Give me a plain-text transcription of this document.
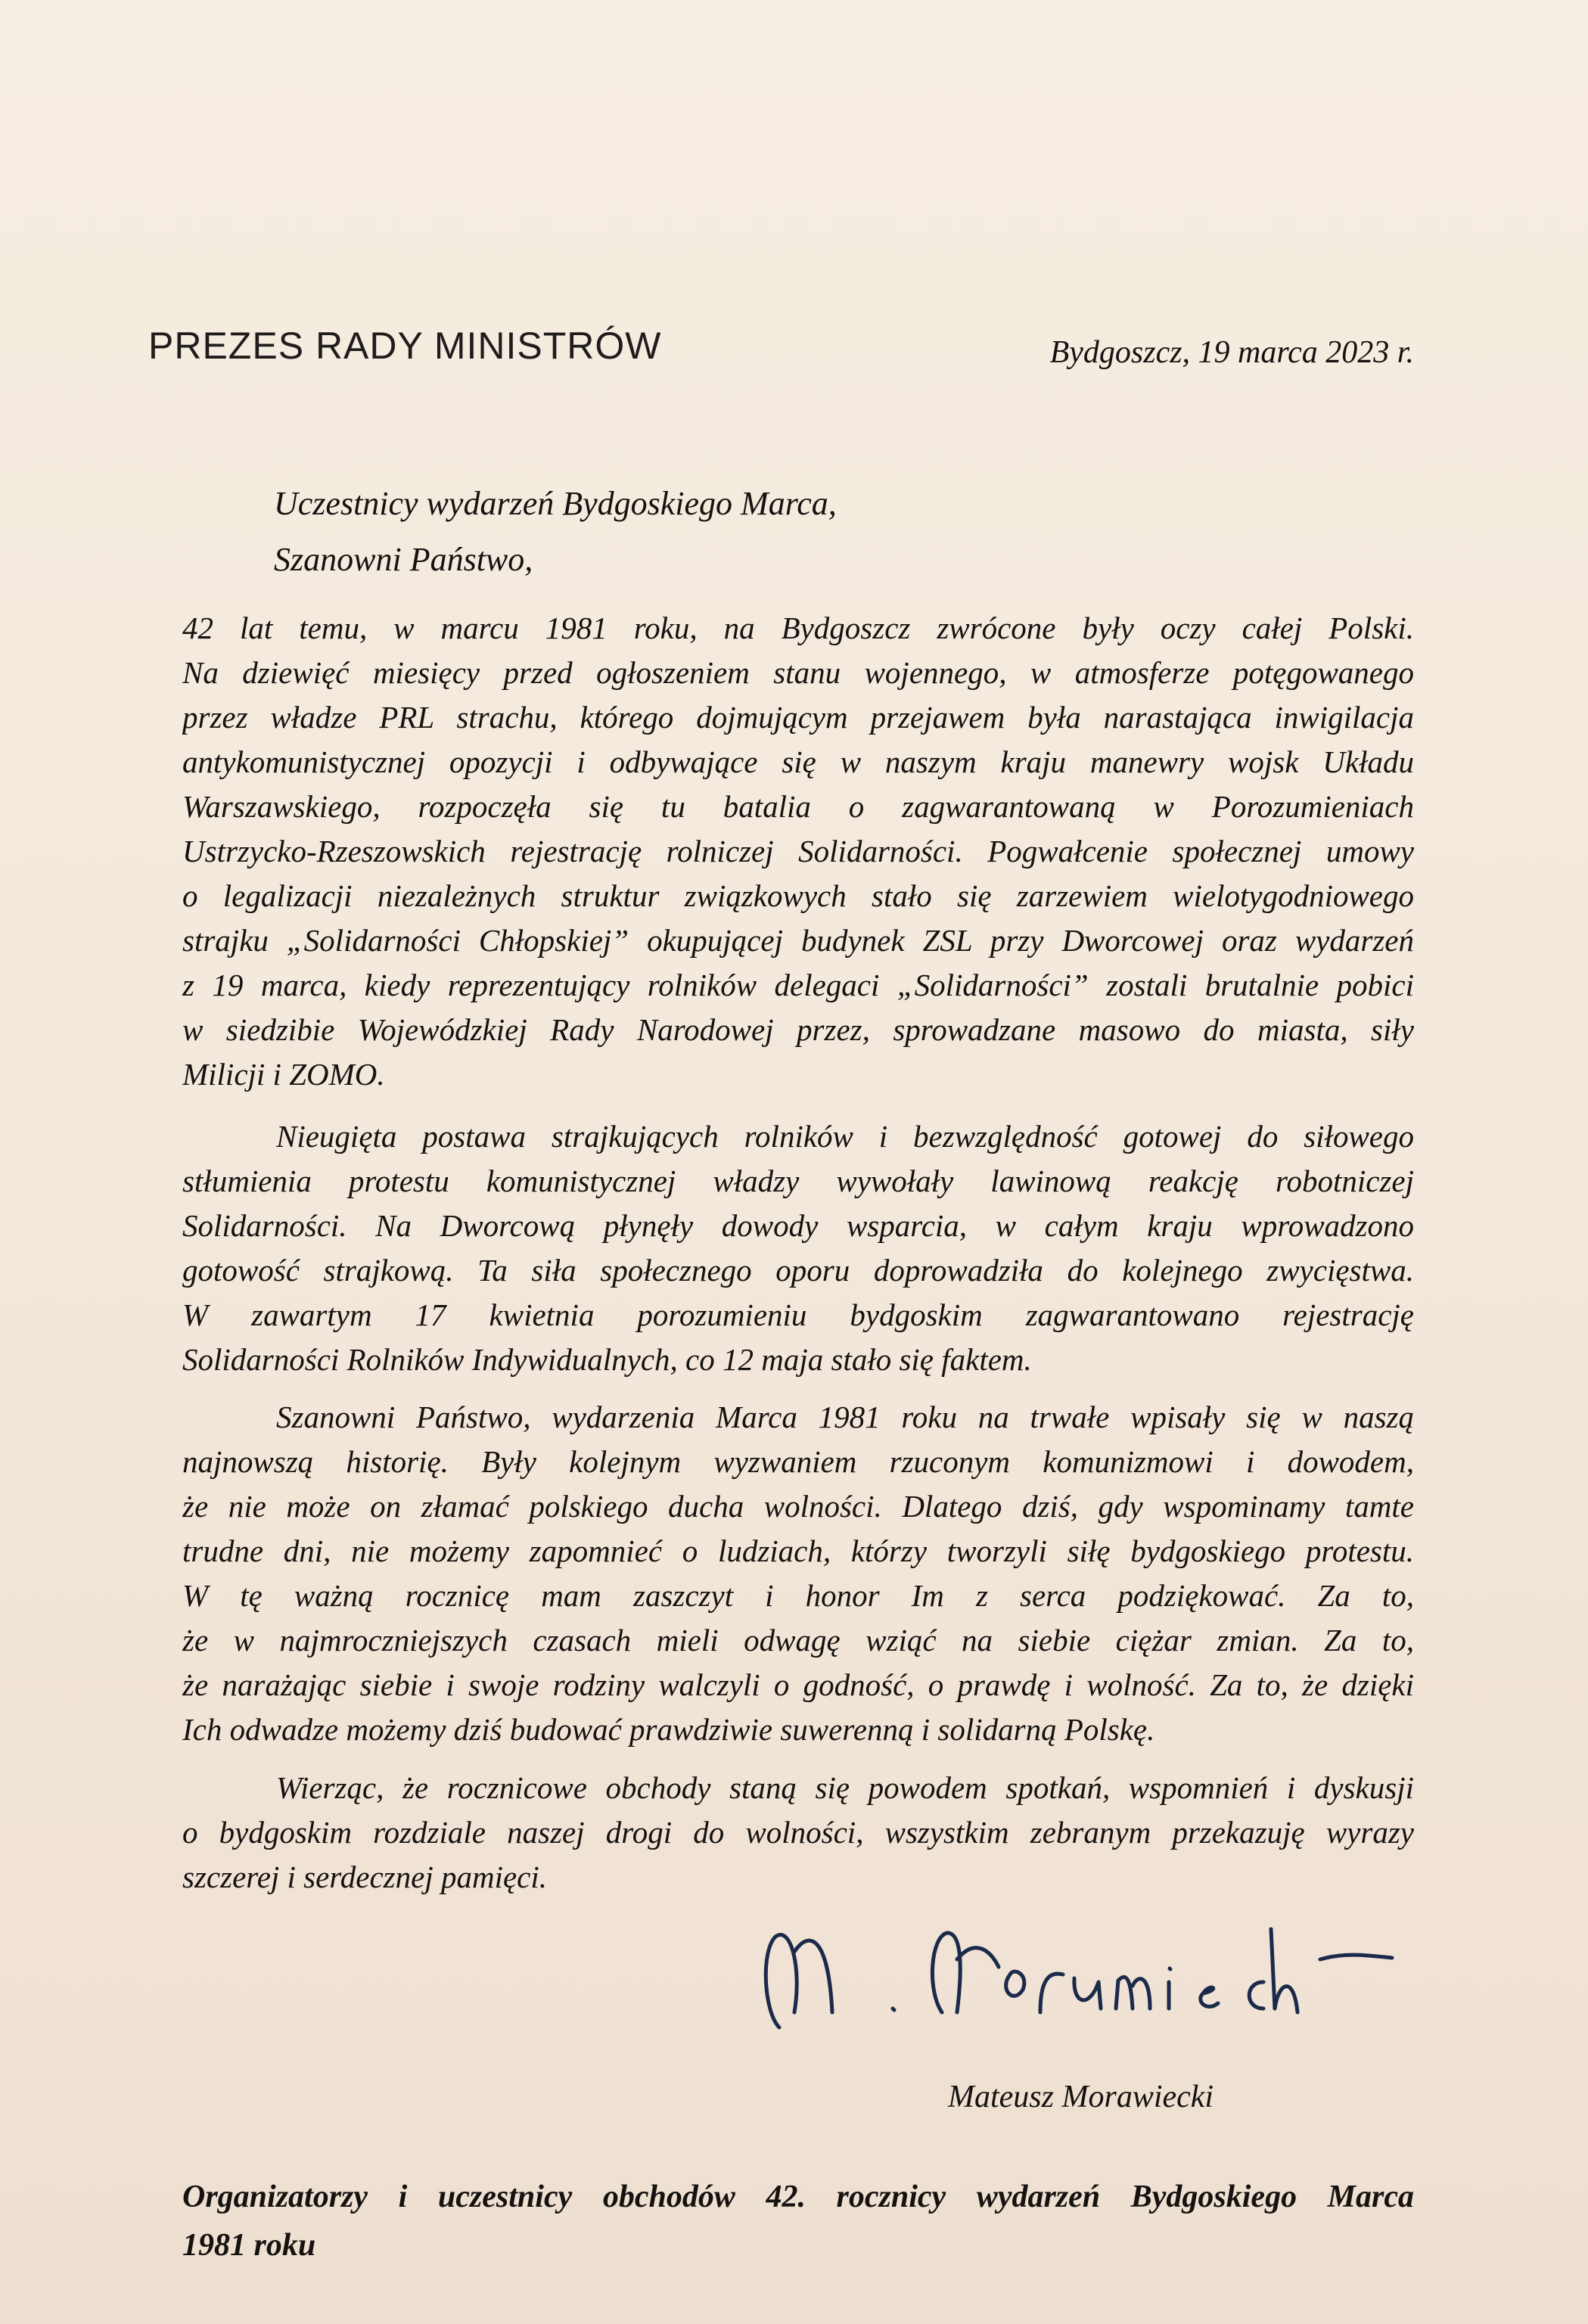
PREZES RADY MINISTRÓW	Bydgoszcz, 19 marca 2023 r.
Uczestnicy wydarzeń Bydgoskiego Marca,
Szanowni Państwo,
42 lat temu, w marcu 1981 roku, na Bydgoszcz zwrócone były oczy całej Polski.
Na dziewięć miesięcy przed ogłoszeniem stanu wojennego, w atmosferze potęgowanego
przez władze PRL strachu, którego dojmującym przejawem była narastająca inwigilacja
antykomunistycznej opozycji i odbywające się w naszym kraju manewry wojsk Układu
Warszawskiego, rozpoczęła się tu batalia o zagwarantowaną w Porozumieniach
Ustrzycko-Rzeszowskich rejestrację rolniczej Solidarności. Pogwałcenie społecznej umowy
o legalizacji niezależnych struktur związkowych stało się zarzewiem wielotygodniowego
strajku „Solidarności Chłopskiej” okupującej budynek ZSL przy Dworcowej oraz wydarzeń
z 19 marca, kiedy reprezentujący rolników delegaci „Solidarności” zostali brutalnie pobici
w siedzibie Wojewódzkiej Rady Narodowej przez, sprowadzane masowo do miasta, siły
Milicji i ZOMO.
Nieugięta postawa strajkujących rolników i bezwzględność gotowej do siłowego
stłumienia protestu komunistycznej władzy wywołały lawinową reakcję robotniczej
Solidarności. Na Dworcową płynęły dowody wsparcia, w całym kraju wprowadzono
gotowość strajkową. Ta siła społecznego oporu doprowadziła do kolejnego zwycięstwa.
W zawartym 17 kwietnia porozumieniu bydgoskim zagwarantowano rejestrację
Solidarności Rolników Indywidualnych, co 12 maja stało się faktem.
Szanowni Państwo, wydarzenia Marca 1981 roku na trwałe wpisały się w naszą
najnowszą historię. Były kolejnym wyzwaniem rzuconym komunizmowi i dowodem,
że nie może on złamać polskiego ducha wolności. Dlatego dziś, gdy wspominamy tamte
trudne dni, nie możemy zapomnieć o ludziach, którzy tworzyli siłę bydgoskiego protestu.
W tę ważną rocznicę mam zaszczyt i honor Im z serca podziękować. Za to,
że w najmroczniejszych czasach mieli odwagę wziąć na siebie ciężar zmian. Za to,
że narażając siebie i swoje rodziny walczyli o godność, o prawdę i wolność. Za to, że dzięki
Ich odwadze możemy dziś budować prawdziwie suwerenną i solidarną Polskę.
Wierząc, że rocznicowe obchody staną się powodem spotkań, wspomnień i dyskusji
o bydgoskim rozdziale naszej drogi do wolności, wszystkim zebranym przekazuję wyrazy
szczerej i serdecznej pamięci.
Mateusz Morawiecki
Organizatorzy i uczestnicy obchodów 42. rocznicy wydarzeń Bydgoskiego Marca
1981 roku
